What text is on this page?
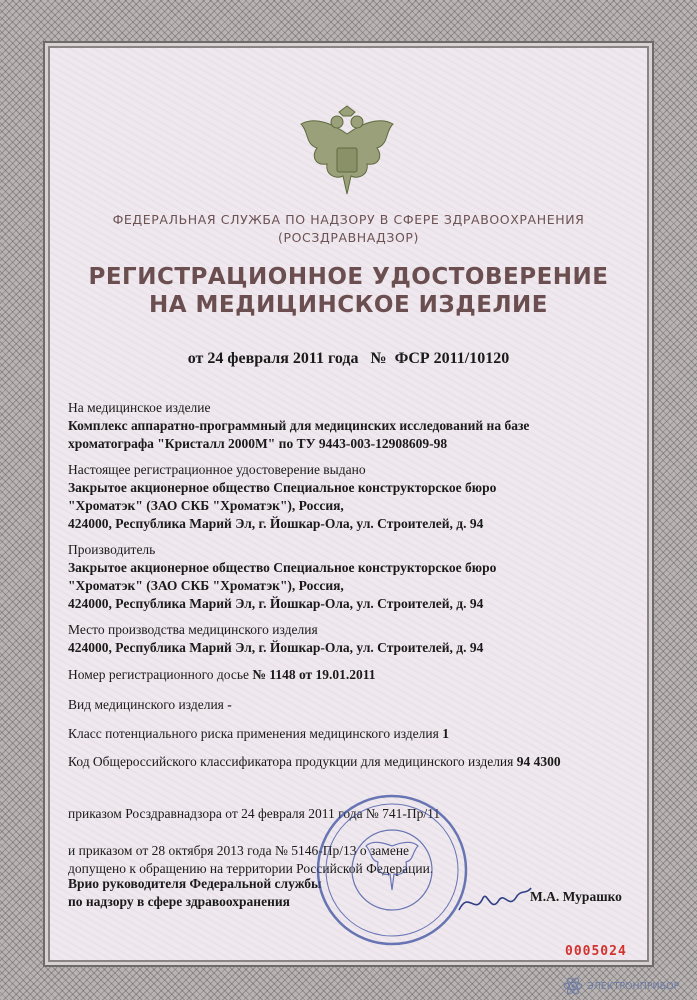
ФЕДЕРАЛЬНАЯ СЛУЖБА ПО НАДЗОРУ В СФЕРЕ ЗДРАВООХРАНЕНИЯ
(РОСЗДРАВНАДЗОР)
РЕГИСТРАЦИОННОЕ УДОСТОВЕРЕНИЕ
НА МЕДИЦИНСКОЕ ИЗДЕЛИЕ
от 24 февраля 2011 года   №  ФСР 2011/10120
На медицинское изделие
Комплекс аппаратно-программный для медицинских исследований на базе
хроматографа "Кристалл 2000М" по ТУ 9443-003-12908609-98
Настоящее регистрационное удостоверение выдано
Закрытое акционерное общество Специальное конструкторское бюро
"Хроматэк" (ЗАО СКБ "Хроматэк"), Россия,
424000, Республика Марий Эл, г. Йошкар-Ола, ул. Строителей, д. 94
Производитель
Закрытое акционерное общество Специальное конструкторское бюро
"Хроматэк" (ЗАО СКБ "Хроматэк"), Россия,
424000, Республика Марий Эл, г. Йошкар-Ола, ул. Строителей, д. 94
Место производства медицинского изделия
424000, Республика Марий Эл, г. Йошкар-Ола, ул. Строителей, д. 94
Номер регистрационного досье № 1148 от 19.01.2011
Вид медицинского изделия -
Класс потенциального риска применения медицинского изделия 1
Код Общероссийского классификатора продукции для медицинского изделия 94 4300
приказом Росздравнадзора от 24 февраля 2011 года № 741-Пр/11
и приказом от 28 октября 2013 года № 5146-Пр/13 о замене
допущено к обращению на территории Российской Федерации.
Врио руководителя Федеральной службы
по надзору в сфере здравоохранения	М.А. Мурашко
0005024
ЭЛЕКТРОНПРИБОР
